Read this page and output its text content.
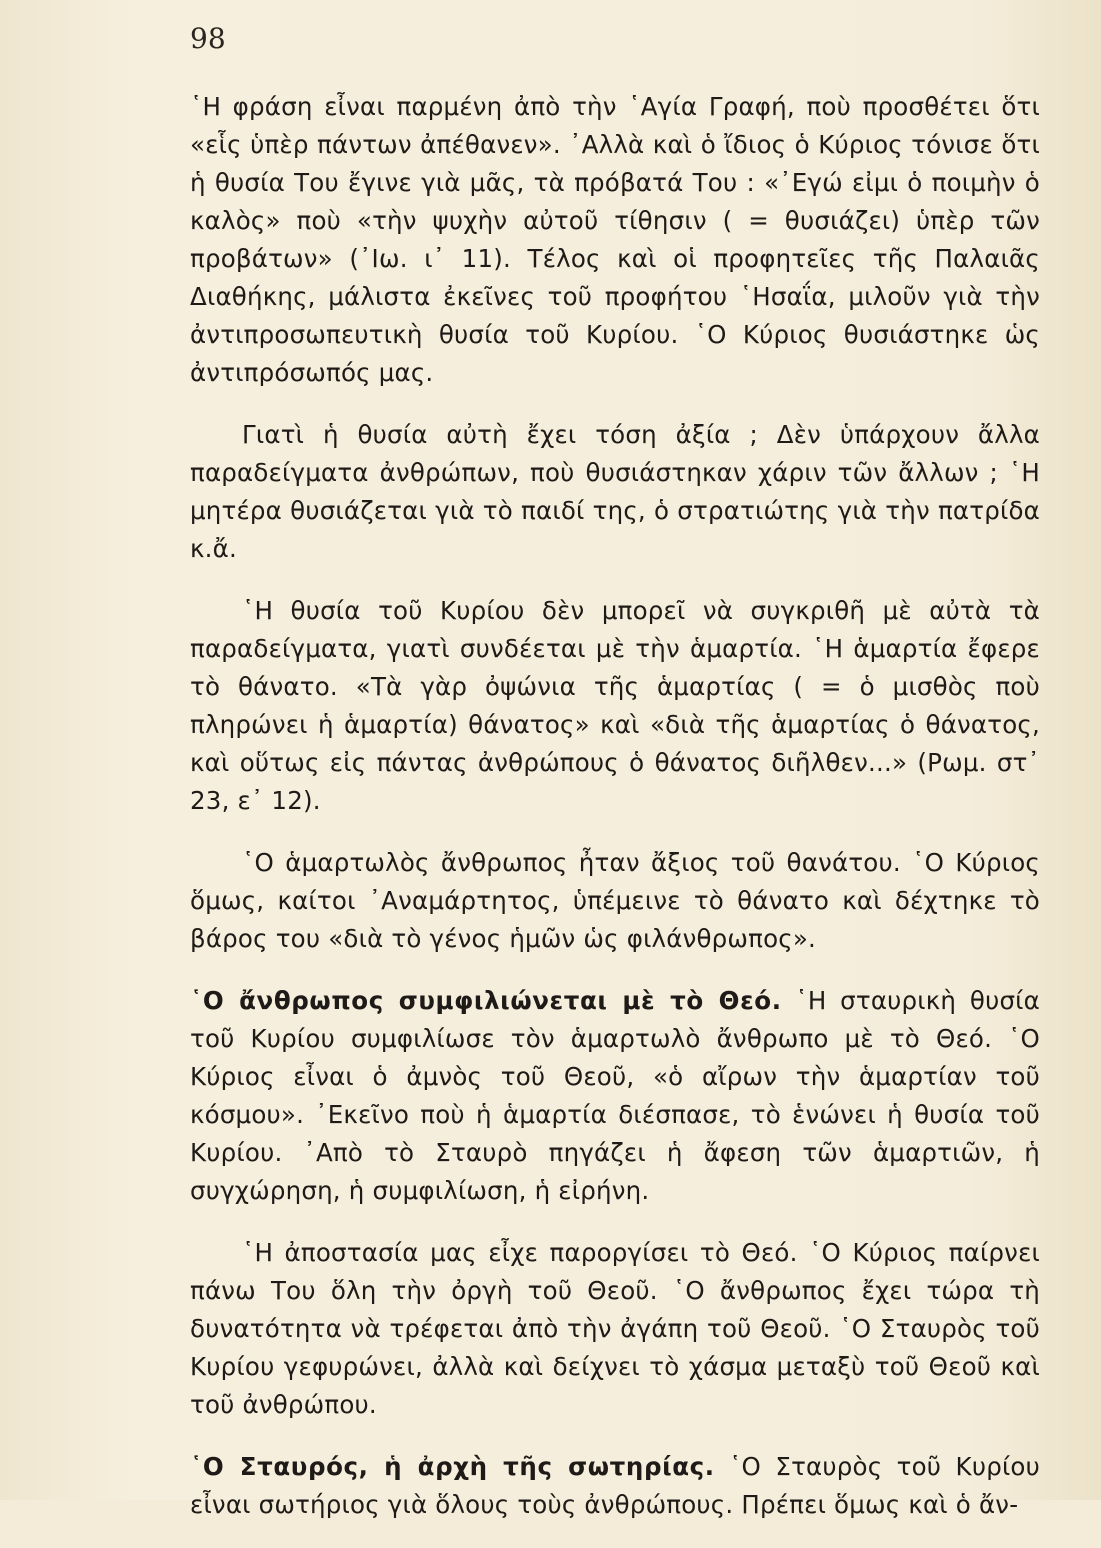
98

῾Η φράση εἶναι παρμένη ἀπὸ τὴν ῾Αγία Γραφή, ποὺ προσθέτει ὅτι «εἷς ὑπὲρ πάντων ἀπέθανεν». ᾿Αλλὰ καὶ ὁ ἴδιος ὁ Κύριος τόνισε ὅτι ἡ θυσία Του ἔγινε γιὰ μᾶς, τὰ πρόβατά Του : «᾿Εγώ εἰμι ὁ ποιμὴν ὁ καλὸς» ποὺ «τὴν ψυχὴν αὐτοῦ τίθησιν ( = θυσιάζει) ὑπὲρ τῶν προβάτων» (᾿Ιω. ι᾿ 11). Τέλος καὶ οἱ προφητεῖες τῆς Παλαιᾶς Διαθήκης, μάλιστα ἐκεῖνες τοῦ προφήτου ῾Ησαΐα, μιλοῦν γιὰ τὴν ἀντιπροσωπευτικὴ θυσία τοῦ Κυρίου. ῾Ο Κύριος θυσιάστηκε ὡς ἀντιπρόσωπός μας.

Γιατὶ ἡ θυσία αὐτὴ ἔχει τόση ἀξία ; Δὲν ὑπάρχουν ἄλλα παραδείγματα ἀνθρώπων, ποὺ θυσιάστηκαν χάριν τῶν ἄλλων ; ῾Η μητέρα θυσιάζεται γιὰ τὸ παιδί της, ὁ στρατιώτης γιὰ τὴν πατρίδα κ.ἄ.

῾Η θυσία τοῦ Κυρίου δὲν μπορεῖ νὰ συγκριθῆ μὲ αὐτὰ τὰ παραδείγματα, γιατὶ συνδέεται μὲ τὴν ἁμαρτία. ῾Η ἁμαρτία ἔφερε τὸ θάνατο. «Τὰ γὰρ ὀψώνια τῆς ἁμαρτίας ( = ὁ μισθὸς ποὺ πληρώνει ἡ ἁμαρτία) θάνατος» καὶ «διὰ τῆς ἁμαρτίας ὁ θάνατος, καὶ οὕτως εἰς πάντας ἀνθρώπους ὁ θάνατος διῆλθεν...» (Ρωμ. στ᾿ 23, ε᾿ 12).

῾Ο ἁμαρτωλὸς ἄνθρωπος ἦταν ἄξιος τοῦ θανάτου. ῾Ο Κύριος ὅμως, καίτοι ᾿Αναμάρτητος, ὑπέμεινε τὸ θάνατο καὶ δέχτηκε τὸ βάρος του «διὰ τὸ γένος ἡμῶν ὡς φιλάνθρωπος».

῾Ο ἄνθρωπος συμφιλιώνεται μὲ τὸ Θεό. ῾Η σταυρικὴ θυσία τοῦ Κυρίου συμφιλίωσε τὸν ἁμαρτωλὸ ἄνθρωπο μὲ τὸ Θεό. ῾Ο Κύριος εἶναι ὁ ἀμνὸς τοῦ Θεοῦ, «ὁ αἴρων τὴν ἁμαρτίαν τοῦ κόσμου». ᾿Εκεῖνο ποὺ ἡ ἁμαρτία διέσπασε, τὸ ἑνώνει ἡ θυσία τοῦ Κυρίου. ᾿Απὸ τὸ Σταυρὸ πηγάζει ἡ ἄφεση τῶν ἁμαρτιῶν, ἡ συγχώρηση, ἡ συμφιλίωση, ἡ εἰρήνη.

῾Η ἀποστασία μας εἶχε παροργίσει τὸ Θεό. ῾Ο Κύριος παίρνει πάνω Του ὅλη τὴν ὀργὴ τοῦ Θεοῦ. ῾Ο ἄνθρωπος ἔχει τώρα τὴ δυνατότητα νὰ τρέφεται ἀπὸ τὴν ἀγάπη τοῦ Θεοῦ. ῾Ο Σταυρὸς τοῦ Κυρίου γεφυρώνει, ἀλλὰ καὶ δείχνει τὸ χάσμα μεταξὺ τοῦ Θεοῦ καὶ τοῦ ἀνθρώπου.

῾Ο Σταυρός, ἡ ἀρχὴ τῆς σωτηρίας. ῾Ο Σταυρὸς τοῦ Κυρίου εἶναι σωτήριος γιὰ ὅλους τοὺς ἀνθρώπους. Πρέπει ὅμως καὶ ὁ ἄν-
